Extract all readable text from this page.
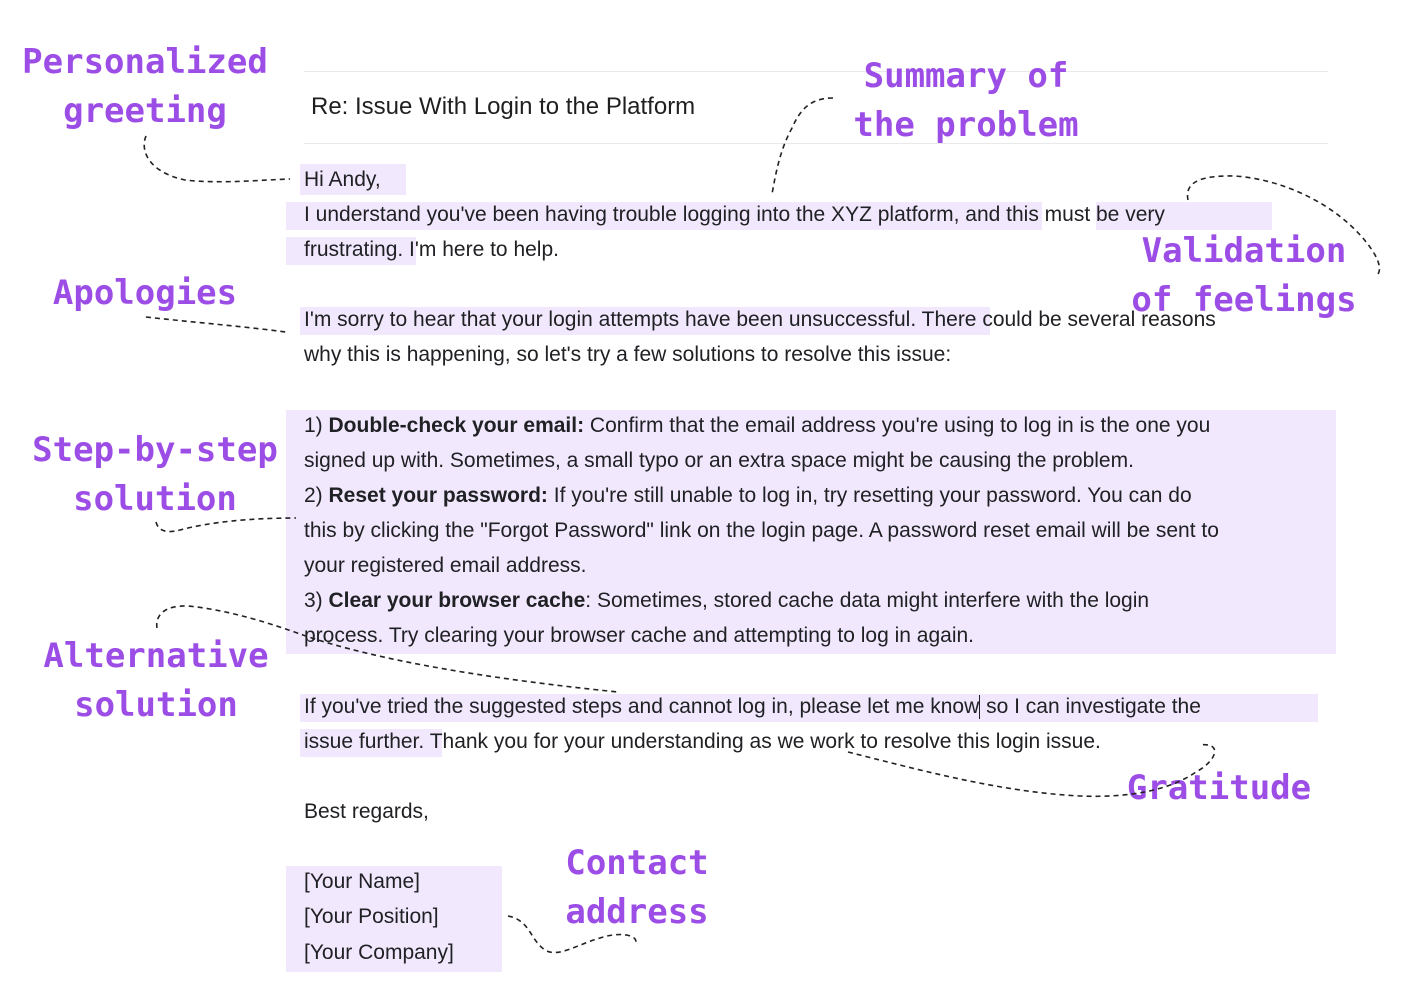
Re: Issue With Login to the Platform
Hi Andy,
I understand you've been having trouble logging into the XYZ platform, and this must be very
frustrating. I'm here to help.
I'm sorry to hear that your login attempts have been unsuccessful. There could be several reasons
why this is happening, so let's try a few solutions to resolve this issue:
1) Double-check your email: Confirm that the email address you're using to log in is the one you
signed up with. Sometimes, a small typo or an extra space might be causing the problem.
2) Reset your password: If you're still unable to log in, try resetting your password. You can do
this by clicking the "Forgot Password" link on the login page. A password reset email will be sent to
your registered email address.
3) Clear your browser cache: Sometimes, stored cache data might interfere with the login
process. Try clearing your browser cache and attempting to log in again.
If you've tried the suggested steps and cannot log in, please let me know so I can investigate the
issue further. Thank you for your understanding as we work to resolve this login issue.
Best regards,
[Your Name]
[Your Position]
[Your Company]
Personalized
greeting
Summary of
the problem
Validation
of feelings
Apologies
Step-by-step
solution
Alternative
solution
Gratitude
Contact
address
